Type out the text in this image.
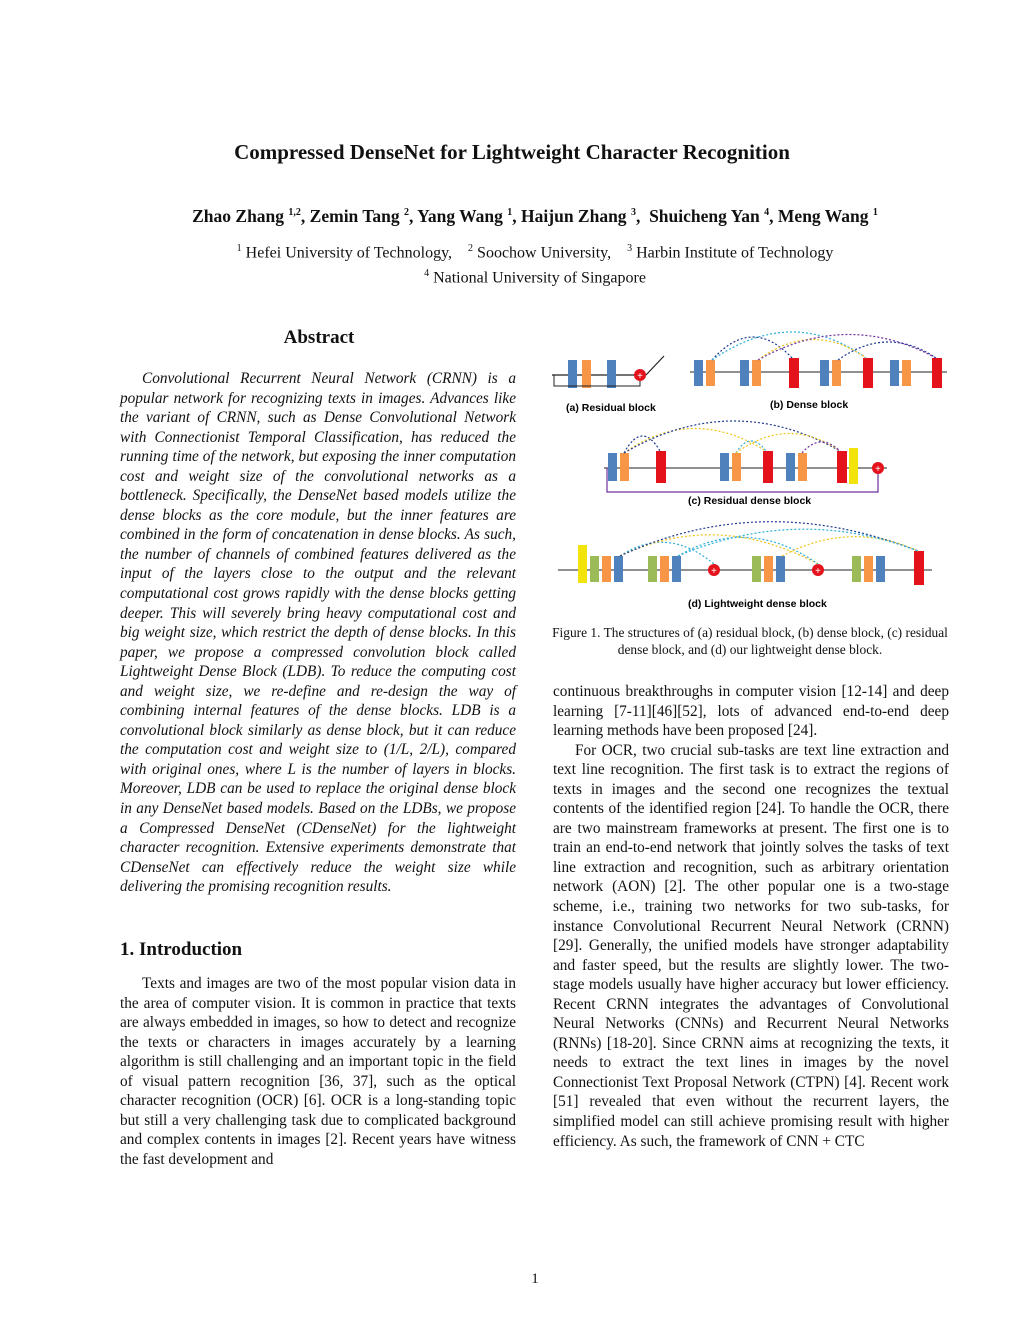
Compressed DenseNet for Lightweight Character Recognition
Zhao Zhang $^{1,2}$, Zemin Tang $^2$, Yang Wang $^1$, Haijun Zhang $^3$,  Shuicheng Yan $^4$, Meng Wang $^1$
$^1$ Hefei University of Technology, $^2$ Soochow University, $^3$ Harbin Institute of Technology
$^4$ National University of Singapore
Abstract
Convolutional Recurrent Neural Network (CRNN) is a popular network for recognizing texts in images. Advances like the variant of CRNN, such as Dense Convolutional Network with Connectionist Temporal Classification, has reduced the running time of the network, but exposing the inner computation cost and weight size of the convolutional networks as a bottleneck. Specifically, the DenseNet based models utilize the dense blocks as the core module, but the inner features are combined in the form of concatenation in dense blocks. As such, the number of channels of combined features delivered as the input of the layers close to the output and the relevant computational cost grows rapidly with the dense blocks getting deeper. This will severely bring heavy computational cost and big weight size, which restrict the depth of dense blocks. In this paper, we propose a compressed convolution block called Lightweight Dense Block (LDB). To reduce the computing cost and weight size, we re-define and re-design the way of combining internal features of the dense blocks. LDB is a convolutional block similarly as dense block, but it can reduce the computation cost and weight size to (1/L, 2/L), compared with original ones, where L is the number of layers in blocks. Moreover, LDB can be used to replace the original dense block in any DenseNet based models. Based on the LDBs, we propose a Compressed DenseNet (CDenseNet) for the lightweight character recognition. Extensive experiments demonstrate that CDenseNet can effectively reduce the weight size while delivering the promising recognition results.
1. Introduction
Texts and images are two of the most popular vision data in the area of computer vision. It is common in practice that texts are always embedded in images, so how to detect and recognize the texts or characters in images accurately by a learning algorithm is still challenging and an important topic in the field of visual pattern recognition [36, 37], such as the optical character recognition (OCR) [6]. OCR is a long-standing topic but still a very challenging task due to complicated background and complex contents in images [2]. Recent years have witness the fast development and
+
(a) Residual block	(b) Dense block
+
(c) Residual dense block
+	+
(d) Lightweight dense block
Figure 1. The structures of (a) residual block, (b) dense block, (c) residual dense block, and (d) our lightweight dense block.

continuous breakthroughs in computer vision [12-14] and deep learning [7-11][46][52], lots of advanced end-to-end deep learning methods have been proposed [24].

For OCR, two crucial sub-tasks are text line extraction and text line recognition. The first task is to extract the regions of texts in images and the second one recognizes the textual contents of the identified region [24]. To handle the OCR, there are two mainstream frameworks at present. The first one is to train an end-to-end network that jointly solves the tasks of text line extraction and recognition, such as arbitrary orientation network (AON) [2]. The other popular one is a two-stage scheme, i.e., training two networks for two sub-tasks, for instance Convolutional Recurrent Neural Network (CRNN) [29]. Generally, the unified models have stronger adaptability and faster speed, but the results are slightly lower. The two-stage models usually have higher accuracy but lower efficiency. Recent CRNN integrates the advantages of Convolutional Neural Networks (CNNs) and Recurrent Neural Networks (RNNs) [18-20]. Since CRNN aims at recognizing the texts, it needs to extract the text lines in images by the novel Connectionist Text Proposal Network (CTPN) [4]. Recent work [51] revealed that even without the recurrent layers, the simplified model can still achieve promising result with higher efficiency. As such, the framework of CNN + CTC

1
